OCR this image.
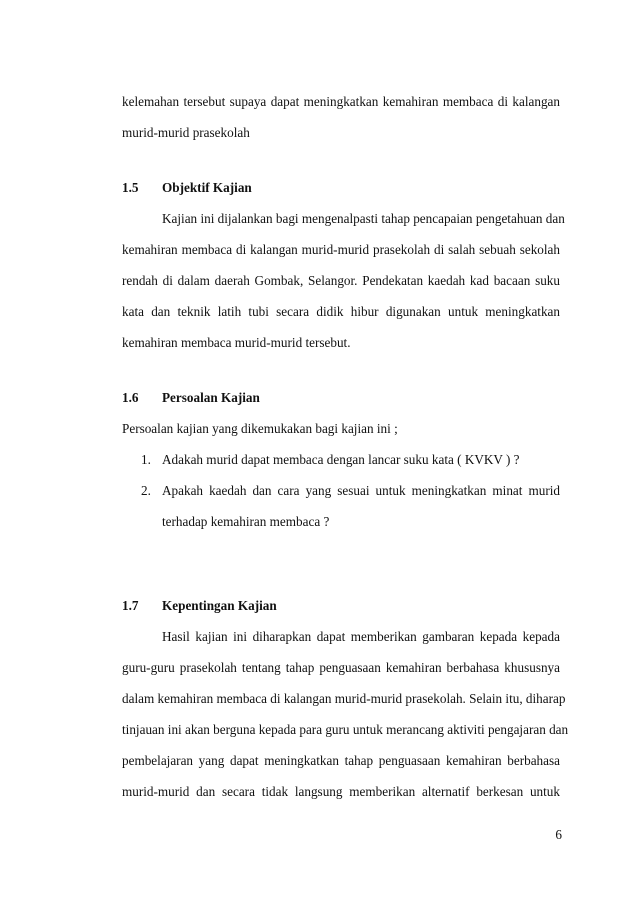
kelemahan tersebut supaya dapat meningkatkan kemahiran membaca di kalangan
murid-murid prasekolah
1.5 Objektif Kajian
Kajian ini dijalankan bagi mengenalpasti tahap pencapaian pengetahuan dan
kemahiran membaca di kalangan murid-murid prasekolah di salah sebuah sekolah
rendah di dalam daerah Gombak, Selangor. Pendekatan kaedah kad bacaan suku
kata dan teknik latih tubi secara didik hibur digunakan untuk meningkatkan
kemahiran membaca murid-murid tersebut.
1.6 Persoalan Kajian
Persoalan kajian yang dikemukakan bagi kajian ini ;
1. Adakah murid dapat membaca dengan lancar suku kata ( KVKV ) ?
2. Apakah kaedah dan cara yang sesuai untuk meningkatkan minat murid
terhadap kemahiran membaca ?
1.7 Kepentingan Kajian
Hasil kajian ini diharapkan dapat memberikan gambaran kepada kepada
guru-guru prasekolah tentang tahap penguasaan kemahiran berbahasa khususnya
dalam kemahiran membaca di kalangan murid-murid prasekolah. Selain itu, diharap
tinjauan ini akan berguna kepada para guru untuk merancang aktiviti pengajaran dan
pembelajaran yang dapat meningkatkan tahap penguasaan kemahiran berbahasa
murid-murid dan secara tidak langsung memberikan alternatif berkesan untuk
6
